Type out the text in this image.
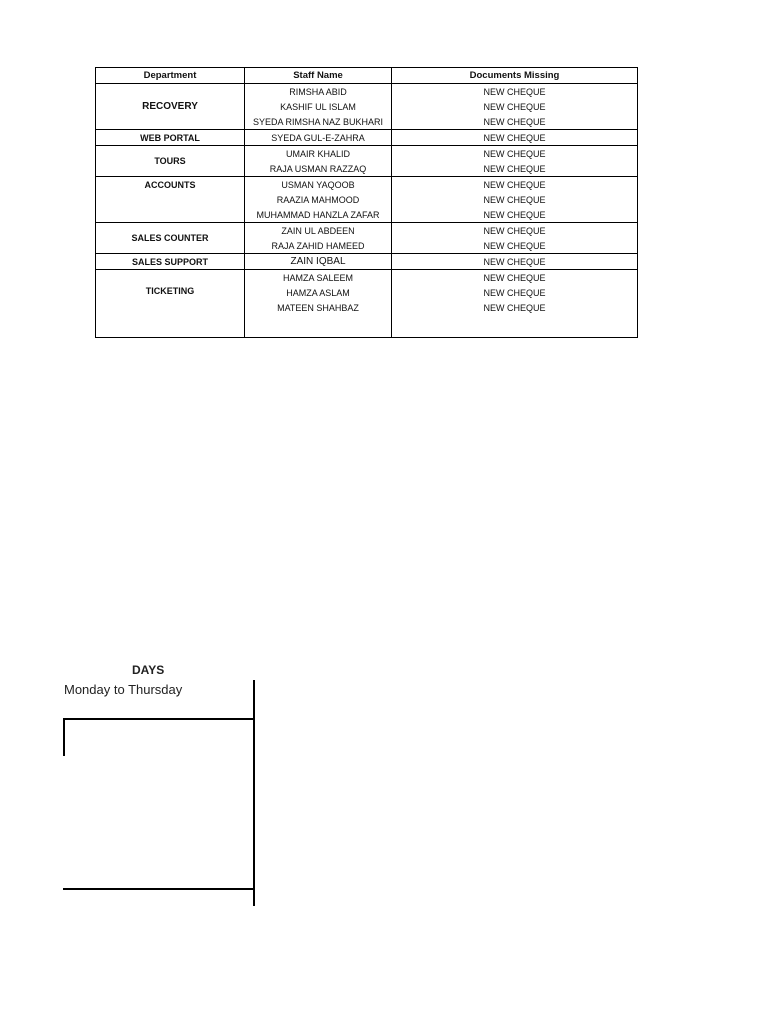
Department	Staff Name	Documents Missing
RECOVERY	RIMSHA ABID	NEW CHEQUE
	KASHIF UL ISLAM	NEW CHEQUE
	SYEDA RIMSHA NAZ BUKHARI	NEW CHEQUE
WEB PORTAL	SYEDA GUL-E-ZAHRA	NEW CHEQUE
TOURS	UMAIR KHALID	NEW CHEQUE
	RAJA USMAN RAZZAQ	NEW CHEQUE
ACCOUNTS	USMAN YAQOOB	NEW CHEQUE
	RAAZIA MAHMOOD	NEW CHEQUE
	MUHAMMAD HANZLA ZAFAR	NEW CHEQUE
SALES COUNTER	ZAIN UL ABDEEN	NEW CHEQUE
	RAJA ZAHID HAMEED	NEW CHEQUE
SALES SUPPORT	ZAIN IQBAL	NEW CHEQUE
TICKETING	HAMZA SALEEM	NEW CHEQUE
	HAMZA ASLAM	NEW CHEQUE
	MATEEN SHAHBAZ	NEW CHEQUE

DAYS
Monday to Thursday
